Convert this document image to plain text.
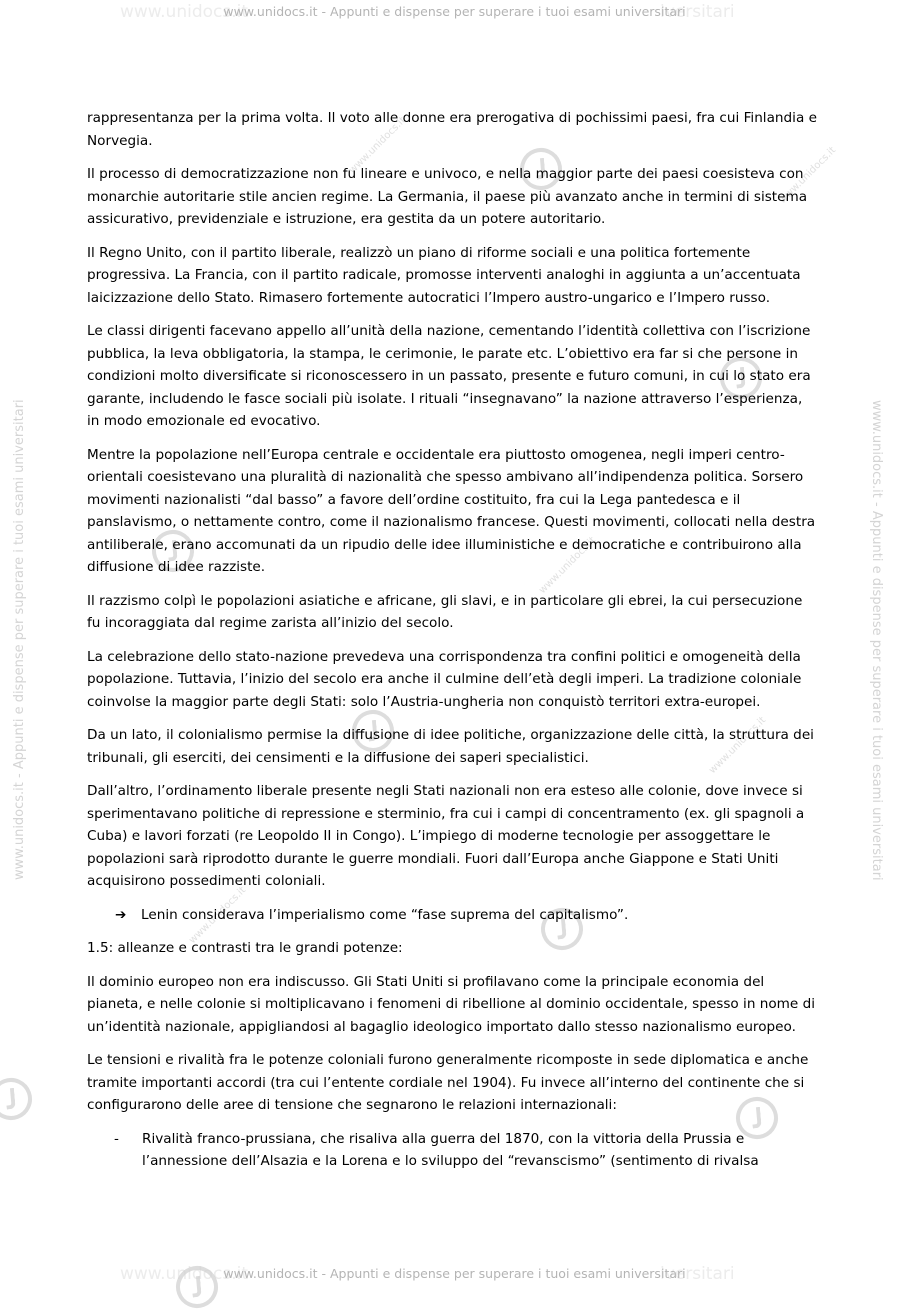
www.unidocs.it	iversitari
www.unidocs.it - Appunti e dispense per superare i tuoi esami universitari
www.unidocs.it	iversitari
www.unidocs.it - Appunti e dispense per superare i tuoi esami universitari
www.unidocs.it - Appunti e dispense per superare i tuoi esami universitari
www.unidocs.it - Appunti e dispense per superare i tuoi esami universitari
www.unidocs.it
www.unidocs.it
www.unidocs.it
www.unidocs.it
www.unidocs.it

rappresentanza per la prima volta. Il voto alle donne era prerogativa di pochissimi paesi, fra cui Finlandia e Norvegia.

Il processo di democratizzazione non fu lineare e univoco, e nella maggior parte dei paesi coesisteva con monarchie autoritarie stile ancien regime. La Germania, il paese più avanzato anche in termini di sistema assicurativo, previdenziale e istruzione, era gestita da un potere autoritario.

Il Regno Unito, con il partito liberale, realizzò un piano di riforme sociali e una politica fortemente progressiva. La Francia, con il partito radicale, promosse interventi analoghi in aggiunta a un’accentuata laicizzazione dello Stato. Rimasero fortemente autocratici l’Impero austro-ungarico e l’Impero russo.

Le classi dirigenti facevano appello all’unità della nazione, cementando l’identità collettiva con l’iscrizione pubblica, la leva obbligatoria, la stampa, le cerimonie, le parate etc. L’obiettivo era far si che persone in condizioni molto diversificate si riconoscessero in un passato, presente e futuro comuni, in cui lo stato era garante, includendo le fasce sociali più isolate. I rituali “insegnavano” la nazione attraverso l’esperienza, in modo emozionale ed evocativo.

Mentre la popolazione nell’Europa centrale e occidentale era piuttosto omogenea, negli imperi centro-orientali coesistevano una pluralità di nazionalità che spesso ambivano all’indipendenza politica. Sorsero movimenti nazionalisti “dal basso” a favore dell’ordine costituito, fra cui la Lega pantedesca e il panslavismo, o nettamente contro, come il nazionalismo francese. Questi movimenti, collocati nella destra antiliberale, erano accomunati da un ripudio delle idee illuministiche e democratiche e contribuirono alla diffusione di idee razziste.

Il razzismo colpì le popolazioni asiatiche e africane, gli slavi, e in particolare gli ebrei, la cui persecuzione fu incoraggiata dal regime zarista all’inizio del secolo.

La celebrazione dello stato-nazione prevedeva una corrispondenza tra confini politici e omogeneità della popolazione. Tuttavia, l’inizio del secolo era anche il culmine dell’età degli imperi. La tradizione coloniale coinvolse la maggior parte degli Stati: solo l’Austria-ungheria non conquistò territori extra-europei.

Da un lato, il colonialismo permise la diffusione di idee politiche, organizzazione delle città, la struttura dei tribunali, gli eserciti, dei censimenti e la diffusione dei saperi specialistici.

Dall’altro, l’ordinamento liberale presente negli Stati nazionali non era esteso alle colonie, dove invece si sperimentavano politiche di repressione e sterminio, fra cui i campi di concentramento (ex. gli spagnoli a Cuba) e lavori forzati (re Leopoldo II in Congo). L’impiego di moderne tecnologie per assoggettare le popolazioni sarà riprodotto durante le guerre mondiali. Fuori dall’Europa anche Giappone e Stati Uniti acquisirono possedimenti coloniali.

➔ Lenin considerava l’imperialismo come “fase suprema del capitalismo”.

1.5: alleanze e contrasti tra le grandi potenze:

Il dominio europeo non era indiscusso. Gli Stati Uniti si profilavano come la principale economia del pianeta, e nelle colonie si moltiplicavano i fenomeni di ribellione al dominio occidentale, spesso in nome di un’identità nazionale, appigliandosi al bagaglio ideologico importato dallo stesso nazionalismo europeo.

Le tensioni e rivalità fra le potenze coloniali furono generalmente ricomposte in sede diplomatica e anche tramite importanti accordi (tra cui l’entente cordiale nel 1904). Fu invece all’interno del continente che si configurarono delle aree di tensione che segnarono le relazioni internazionali:

- Rivalità franco-prussiana, che risaliva alla guerra del 1870, con la vittoria della Prussia e l’annessione dell’Alsazia e la Lorena e lo sviluppo del “revanscismo” (sentimento di rivalsa
